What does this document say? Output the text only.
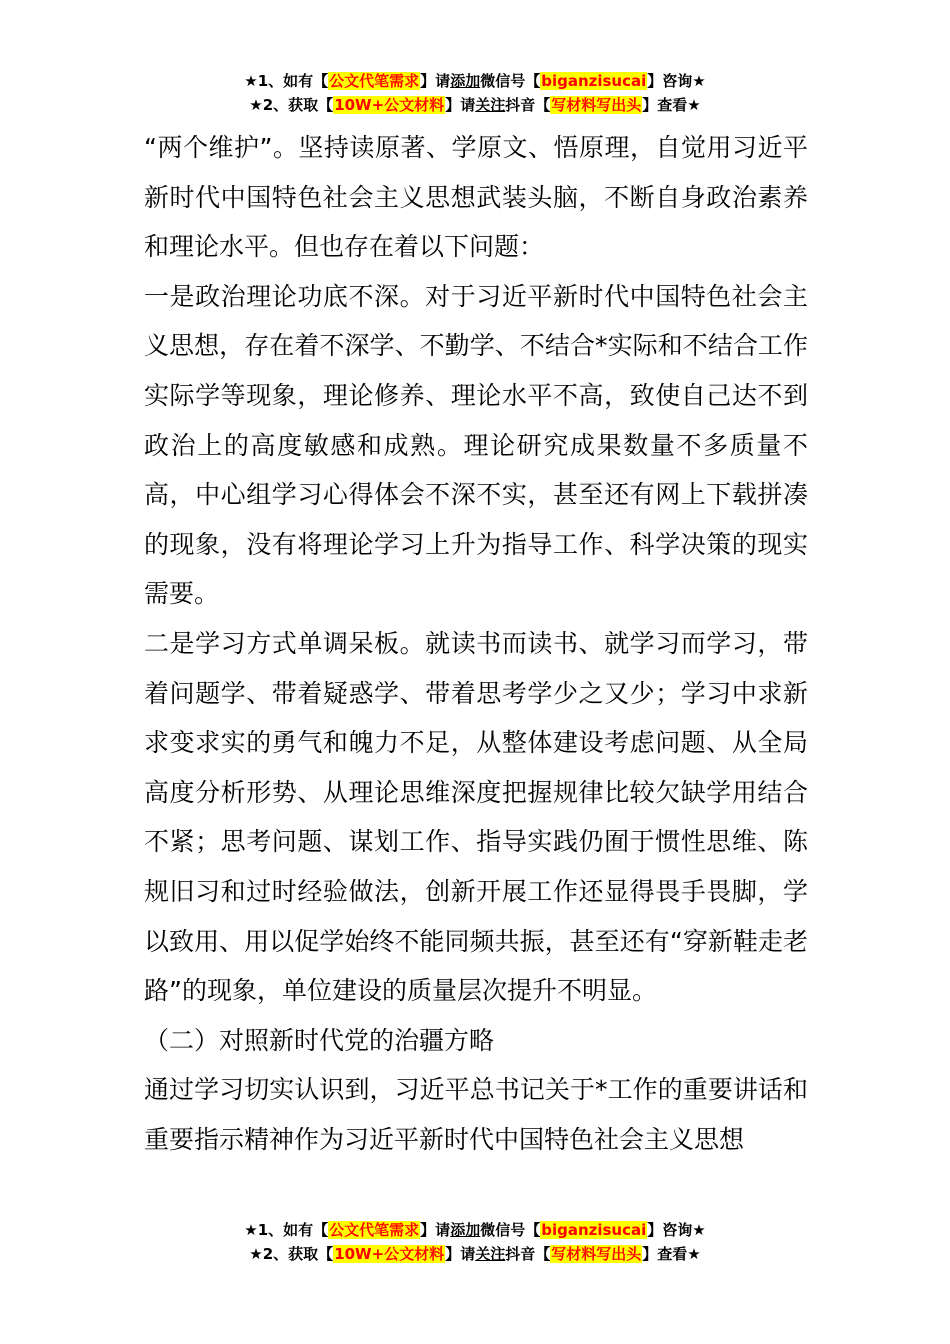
★1、如有【公文代笔需求】请添加微信号【biganzisucai】咨询★
★2、获取【10W+公文材料】请关注抖音【写材料写出头】查看★

“两个维护”。坚持读原著、学原文、悟原理，自觉用习近平新时代中国特色社会主义思想武装头脑，不断自身政治素养和理论水平。但也存在着以下问题：

一是政治理论功底不深。对于习近平新时代中国特色社会主义思想，存在着不深学、不勤学、不结合*实际和不结合工作实际学等现象，理论修养、理论水平不高，致使自己达不到政治上的高度敏感和成熟。理论研究成果数量不多质量不高，中心组学习心得体会不深不实，甚至还有网上下载拼凑的现象，没有将理论学习上升为指导工作、科学决策的现实需要。

二是学习方式单调呆板。就读书而读书、就学习而学习，带着问题学、带着疑惑学、带着思考学少之又少；学习中求新求变求实的勇气和魄力不足，从整体建设考虑问题、从全局高度分析形势、从理论思维深度把握规律比较欠缺学用结合不紧；思考问题、谋划工作、指导实践仍囿于惯性思维、陈规旧习和过时经验做法，创新开展工作还显得畏手畏脚，学以致用、用以促学始终不能同频共振，甚至还有“穿新鞋走老路”的现象，单位建设的质量层次提升不明显。

（二）对照新时代党的治疆方略

通过学习切实认识到，习近平总书记关于*工作的重要讲话和重要指示精神作为习近平新时代中国特色社会主义思想

★1、如有【公文代笔需求】请添加微信号【biganzisucai】咨询★
★2、获取【10W+公文材料】请关注抖音【写材料写出头】查看★
